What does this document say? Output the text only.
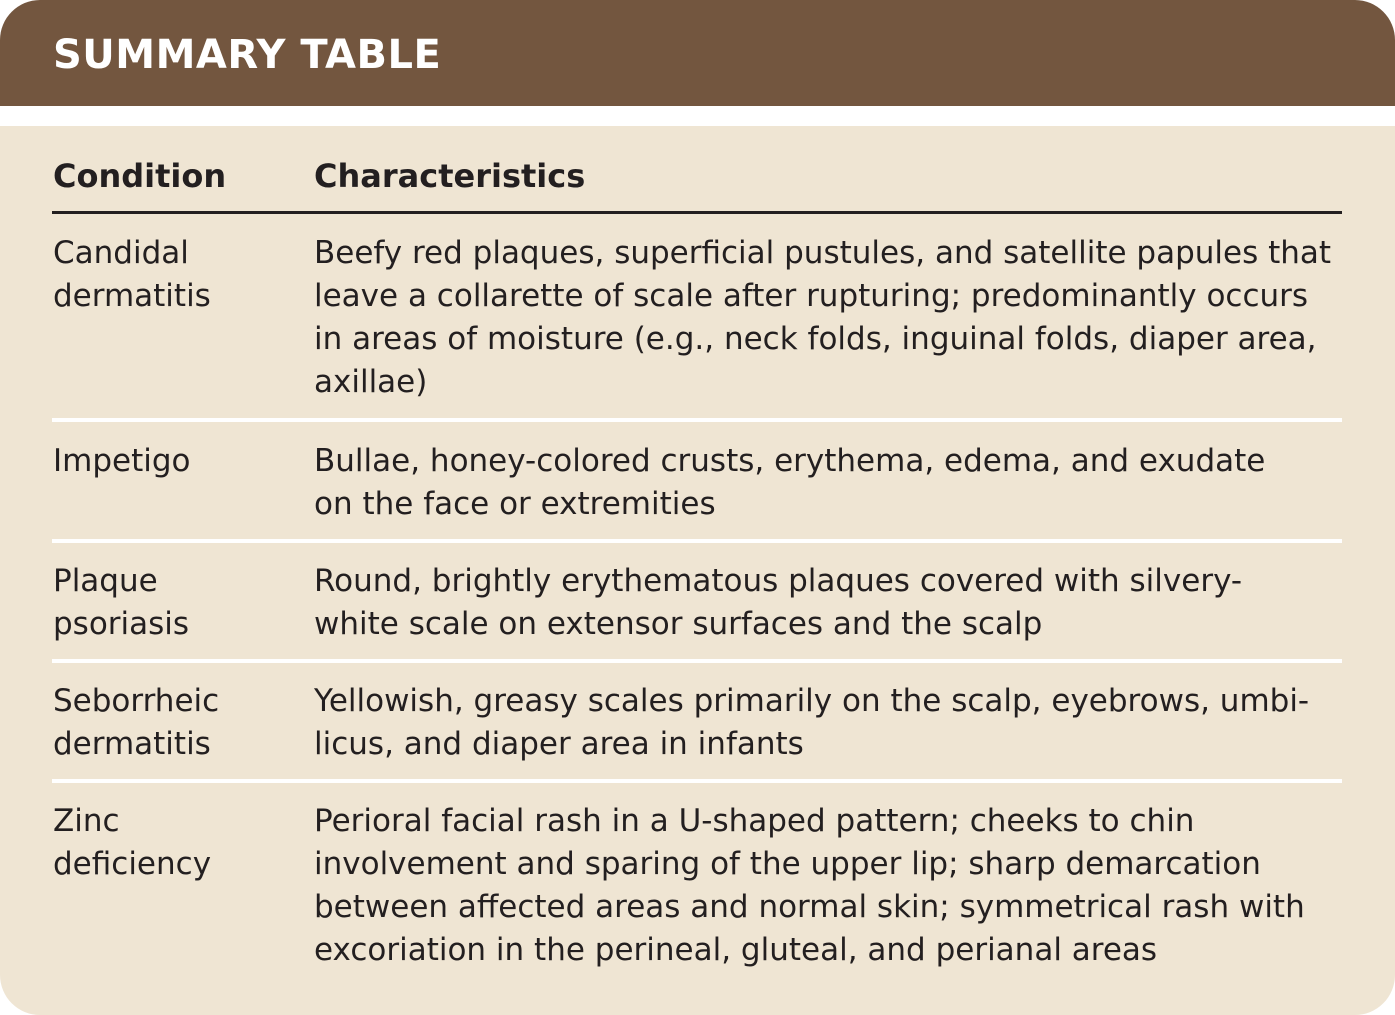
SUMMARY TABLE
Condition	Characteristics
Candidal
dermatitis
Beefy red plaques, superficial pustules, and satellite papules that
leave a collarette of scale after rupturing; predominantly occurs
in areas of moisture (e.g., neck folds, inguinal folds, diaper area,
axillae)
Impetigo	Bullae, honey-colored crusts, erythema, edema, and exudate
on the face or extremities
Plaque
psoriasis
Round, brightly erythematous plaques covered with silvery-
white scale on extensor surfaces and the scalp
Seborrheic
dermatitis
Yellowish, greasy scales primarily on the scalp, eyebrows, umbi-
licus, and diaper area in infants
Zinc
deficiency
Perioral facial rash in a U-shaped pattern; cheeks to chin
involvement and sparing of the upper lip; sharp demarcation
between affected areas and normal skin; symmetrical rash with
excoriation in the perineal, gluteal, and perianal areas
